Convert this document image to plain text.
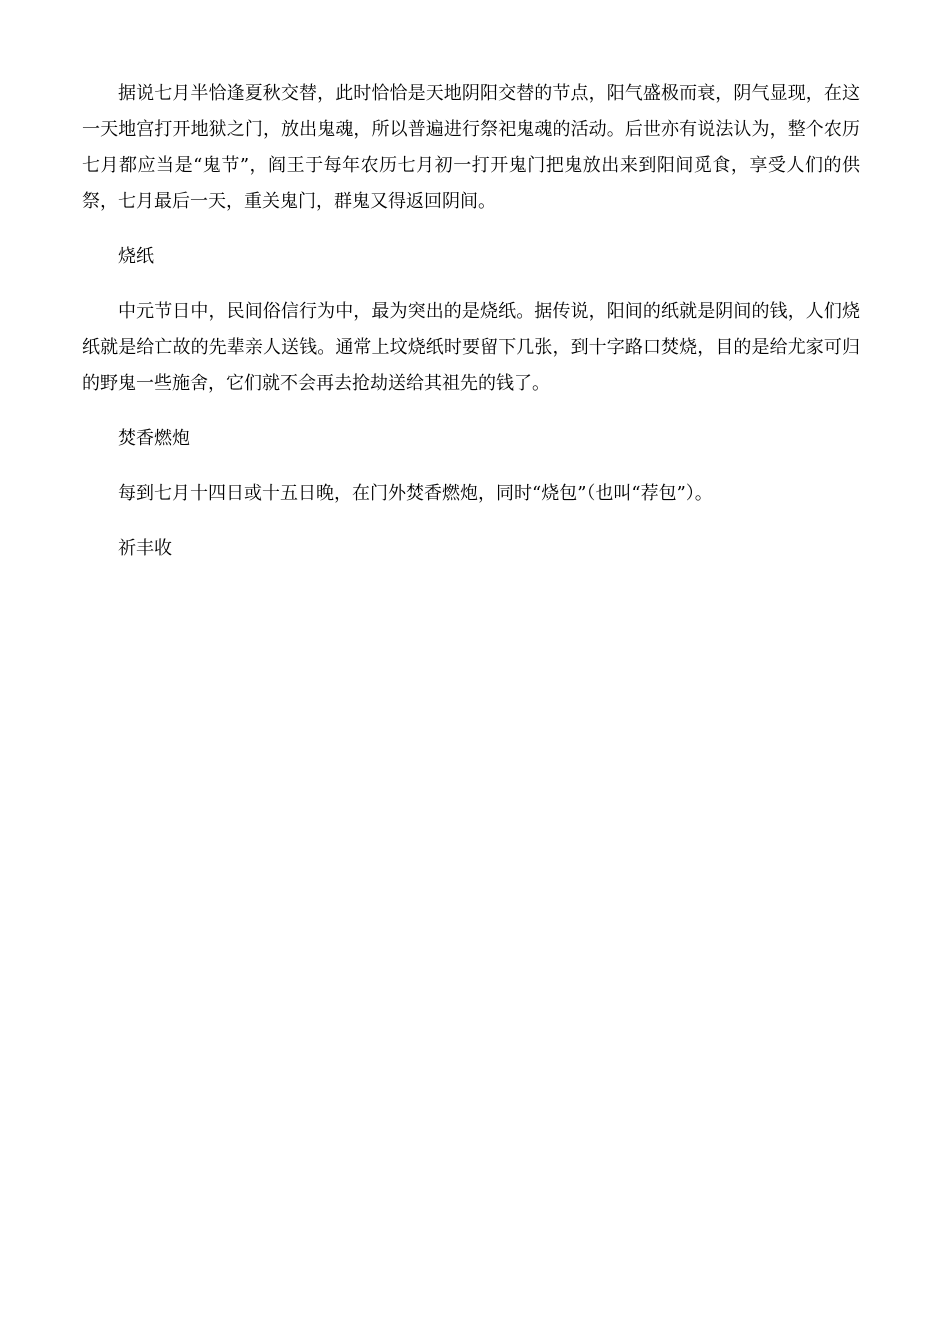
据说七月半恰逢夏秋交替，此时恰恰是天地阴阳交替的节点，阳气盛极而衰，阴气显现，在这一天地宫打开地狱之门，放出鬼魂，所以普遍进行祭祀鬼魂的活动。后世亦有说法认为，整个农历七月都应当是“鬼节”，阎王于每年农历七月初一打开鬼门把鬼放出来到阳间觅食，享受人们的供祭，七月最后一天，重关鬼门，群鬼又得返回阴间。

烧纸

中元节日中，民间俗信行为中，最为突出的是烧纸。据传说，阳间的纸就是阴间的钱，人们烧纸就是给亡故的先辈亲人送钱。通常上坟烧纸时要留下几张，到十字路口焚烧，目的是给尤家可归的野鬼一些施舍，它们就不会再去抢劫送给其祖先的钱了。

焚香燃炮

每到七月十四日或十五日晚，在门外焚香燃炮，同时“烧包”（也叫“荐包”）。

祈丰收
